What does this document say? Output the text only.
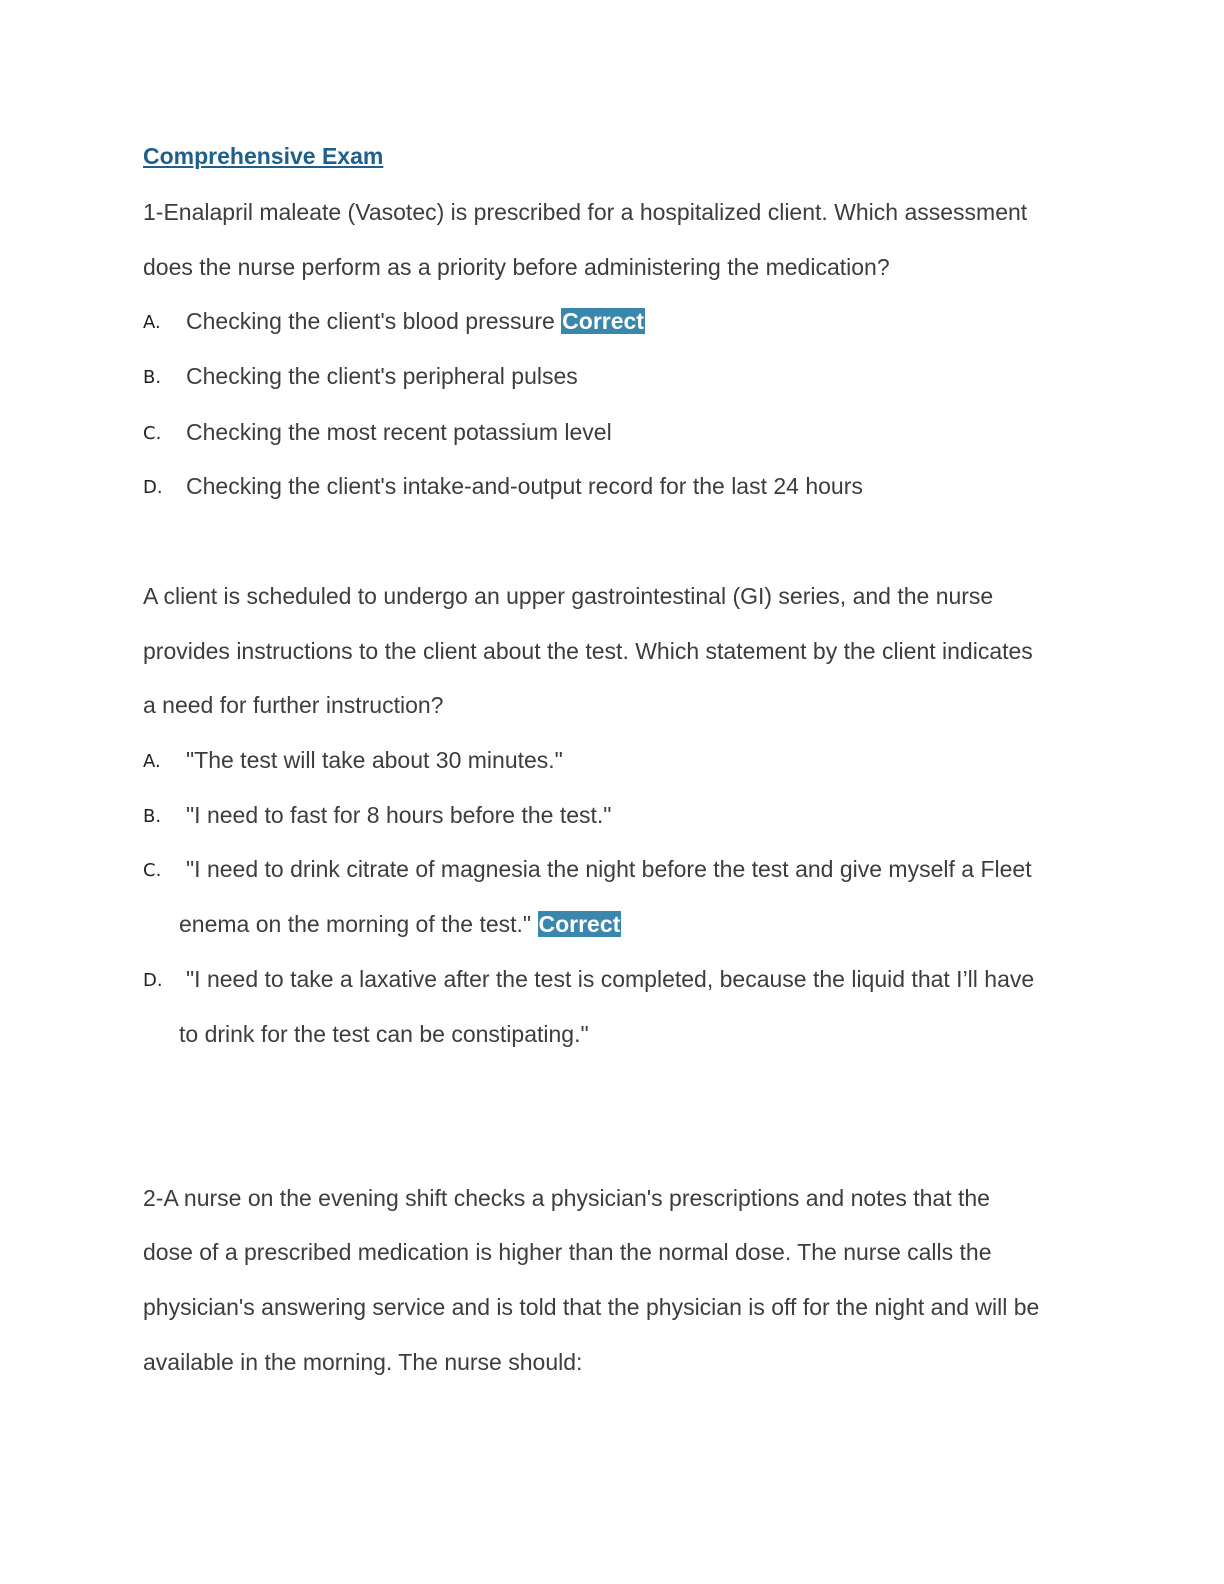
Comprehensive Exam
1-Enalapril maleate (Vasotec) is prescribed for a hospitalized client. Which assessment
does the nurse perform as a priority before administering the medication?
A. Checking the client's blood pressure Correct
B. Checking the client's peripheral pulses
C. Checking the most recent potassium level
D. Checking the client's intake-and-output record for the last 24 hours
A client is scheduled to undergo an upper gastrointestinal (GI) series, and the nurse
provides instructions to the client about the test. Which statement by the client indicates
a need for further instruction?
A. "The test will take about 30 minutes."
B. "I need to fast for 8 hours before the test."
C. "I need to drink citrate of magnesia the night before the test and give myself a Fleet
enema on the morning of the test." Correct
D. "I need to take a laxative after the test is completed, because the liquid that I’ll have
to drink for the test can be constipating."
2-A nurse on the evening shift checks a physician's prescriptions and notes that the
dose of a prescribed medication is higher than the normal dose. The nurse calls the
physician's answering service and is told that the physician is off for the night and will be
available in the morning. The nurse should:
